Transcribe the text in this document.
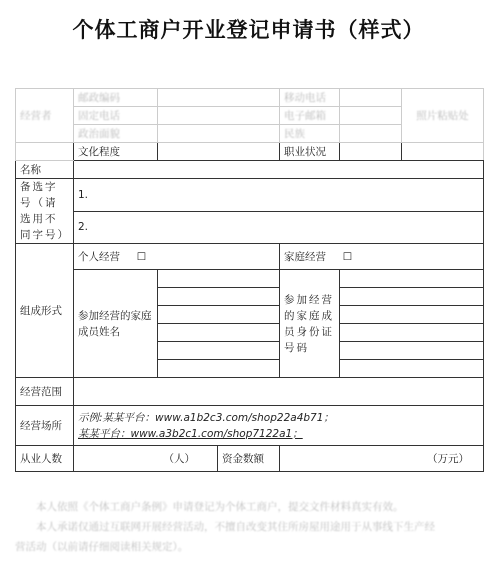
个体工商户开业登记申请书（样式）
经营者	邮政编码			移动电话		照片粘贴处
	固定电话			电子邮箱		
	政治面貌			民族		
	文化程度			职业状况		
名称						
备选字号（请选用不同字号）	1.					
	2.					
组成形式	个人经营 ☐			家庭经营 ☐		
	参加经营的家庭成员姓名			参加经营的家庭成员身份证号码		

经营范围						
经营场所	示例:某某平台：www.a1b2c3.com/shop22a4b71；
某某平台：www.a3b2c1.com/shop7122a1；					

从业人数	（人）		资金数额	（万元）		

本人依照《个体工商户条例》申请登记为个体工商户，提交文件材料真实有效。

本人承诺仅通过互联网开展经营活动，不擅自改变其住所房屋用途用于从事线下生产经

营活动（以前请仔细阅读相关规定）。
